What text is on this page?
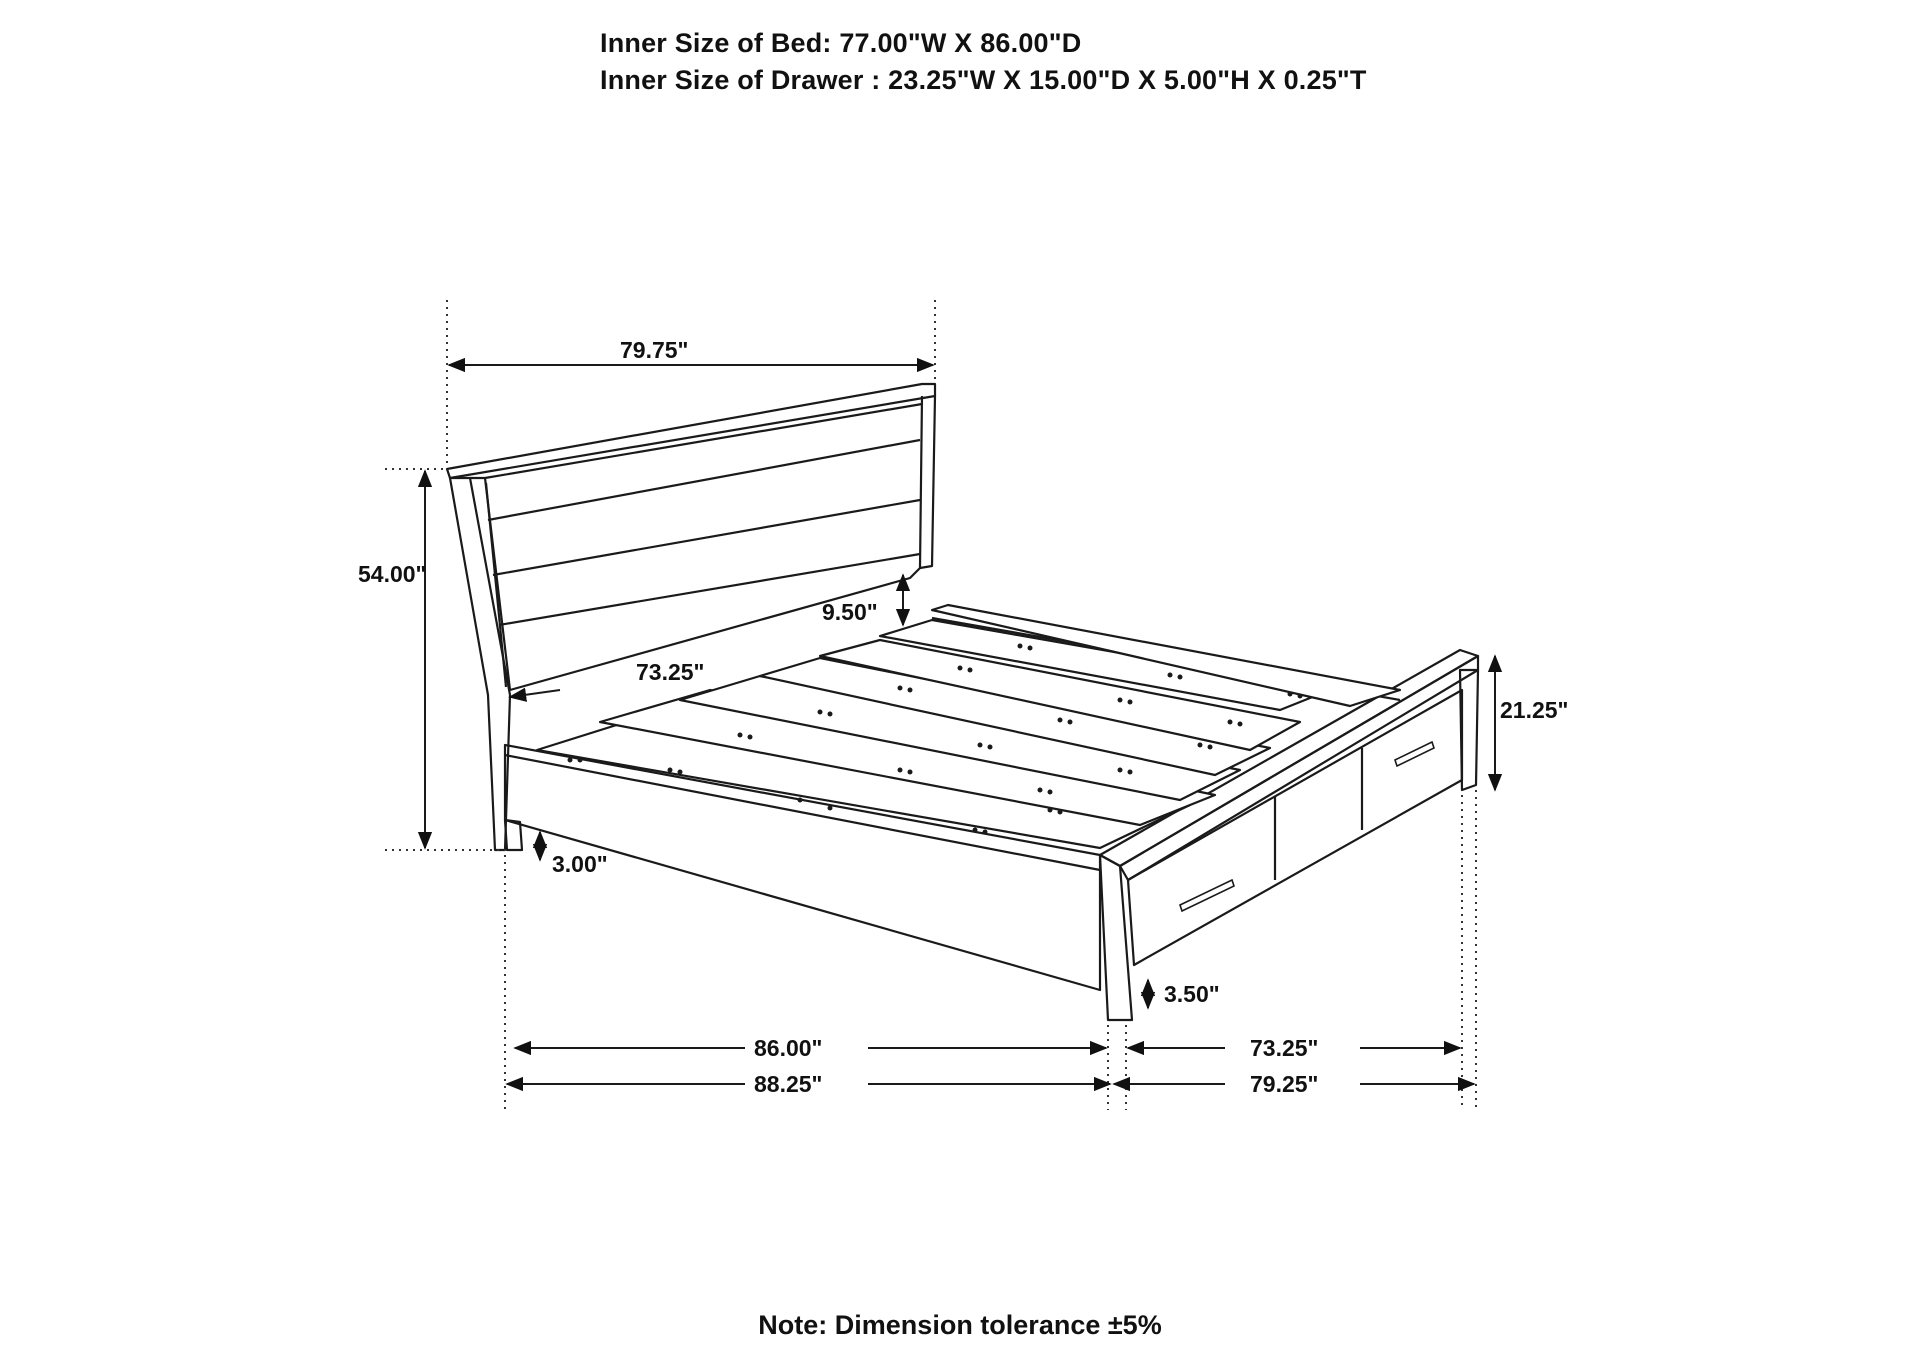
Inner Size of Bed: 77.00"W X 86.00"D
Inner Size of Drawer : 23.25"W X 15.00"D X 5.00"H X 0.25"T
79.75"
54.00"
9.50"
73.25"
21.25"
3.00"
3.50"
86.00"
88.25"
73.25"
79.25"
Note: Dimension tolerance ±5%
